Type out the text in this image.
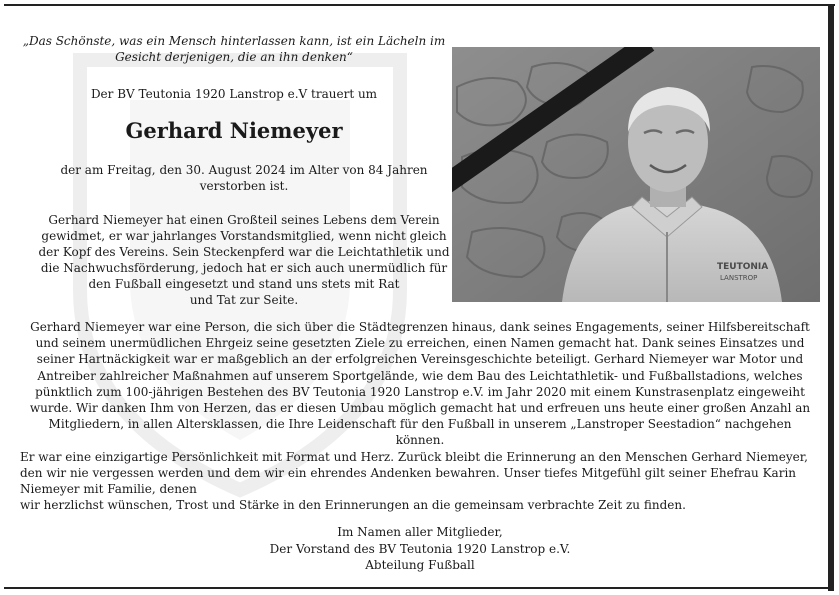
„Das Schönste, was ein Mensch hinterlassen kann, ist ein Lächeln im
Gesicht derjenigen, die an ihn denken“
Der BV Teutonia 1920 Lanstrop e.V trauert um
Gerhard Niemeyer
der am Freitag, den 30. August 2024 im Alter von 84 Jahren
verstorben ist.
Gerhard Niemeyer hat einen Großteil seines Lebens dem Verein
gewidmet, er war jahrlanges Vorstandsmitglied, wenn nicht gleich
der Kopf des Vereins. Sein Steckenpferd war die Leichtathletik und
die Nachwuchsförderung, jedoch hat er sich auch unermüdlich für
den Fußball eingesetzt und stand uns stets mit Rat
und Tat zur Seite.
Gerhard Niemeyer war eine Person, die sich über die Städtegrenzen hinaus, dank seines Engagements, seiner Hilfsbereitschaft
und seinem unermüdlichen Ehrgeiz seine gesetzten Ziele zu erreichen, einen Namen gemacht hat. Dank seines Einsatzes und
seiner Hartnäckigkeit war er maßgeblich an der erfolgreichen Vereinsgeschichte beteiligt. Gerhard Niemeyer war Motor und
Antreiber zahlreicher Maßnahmen auf unserem Sportgelände, wie dem Bau des Leichtathletik- und Fußballstadions, welches
pünktlich zum 100-jährigen Bestehen des BV Teutonia 1920 Lanstrop e.V. im Jahr 2020 mit einem Kunstrasenplatz eingeweiht
wurde. Wir danken Ihm von Herzen, das er diesen Umbau möglich gemacht hat und erfreuen uns heute einer großen Anzahl an
Mitgliedern, in allen Altersklassen, die Ihre Leidenschaft für den Fußball in unserem „Lanstroper Seestadion“ nachgehen
können.
Er war eine einzigartige Persönlichkeit mit Format und Herz. Zurück bleibt die Erinnerung an den Menschen Gerhard Niemeyer,
den wir nie vergessen werden und dem wir ein ehrendes Andenken bewahren. Unser tiefes Mitgefühl gilt seiner Ehefrau Karin
Niemeyer mit Familie, denen
wir herzlichst wünschen, Trost und Stärke in den Erinnerungen an die gemeinsam verbrachte Zeit zu finden.
Im Namen aller Mitglieder,
Der Vorstand des BV Teutonia 1920 Lanstrop e.V.
Abteilung Fußball
TEUTONIA
LANSTROP
